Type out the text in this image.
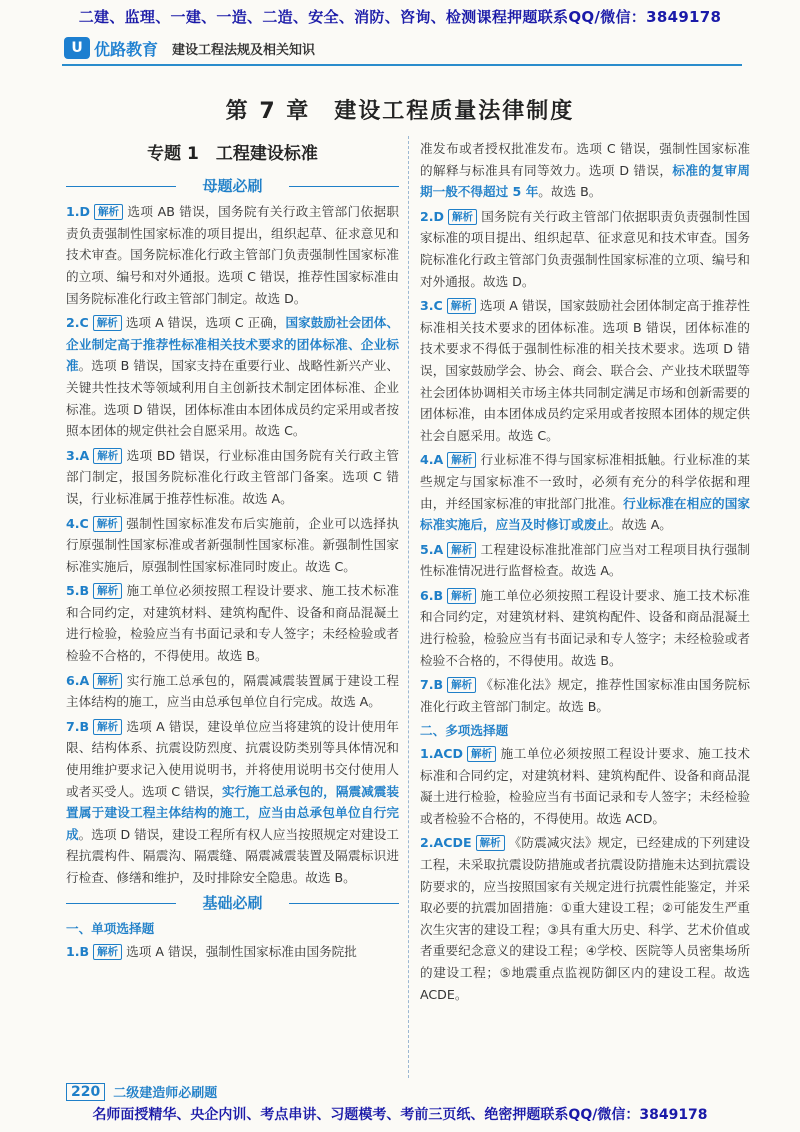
二建、监理、一建、一造、二造、安全、消防、咨询、检测课程押题联系QQ/微信：3849178
U 优路教育 建设工程法规及相关知识
第 7 章　建设工程质量法律制度
专题 1　工程建设标准
母题必刷

1.D 解析 选项 AB 错误，国务院有关行政主管部门依据职责负责强制性国家标准的项目提出，组织起草、征求意见和技术审查。国务院标准化行政主管部门负责强制性国家标准的立项、编号和对外通报。选项 C 错误，推荐性国家标准由国务院标准化行政主管部门制定。故选 D。

2.C 解析 选项 A 错误，选项 C 正确，国家鼓励社会团体、企业制定高于推荐性标准相关技术要求的团体标准、企业标准。选项 B 错误，国家支持在重要行业、战略性新兴产业、关键共性技术等领域利用自主创新技术制定团体标准、企业标准。选项 D 错误，团体标准由本团体成员约定采用或者按照本团体的规定供社会自愿采用。故选 C。

3.A 解析 选项 BD 错误，行业标准由国务院有关行政主管部门制定，报国务院标准化行政主管部门备案。选项 C 错误，行业标准属于推荐性标准。故选 A。

4.C 解析 强制性国家标准发布后实施前，企业可以选择执行原强制性国家标准或者新强制性国家标准。新强制性国家标准实施后，原强制性国家标准同时废止。故选 C。

5.B 解析 施工单位必须按照工程设计要求、施工技术标准和合同约定，对建筑材料、建筑构配件、设备和商品混凝土进行检验，检验应当有书面记录和专人签字；未经检验或者检验不合格的，不得使用。故选 B。

6.A 解析 实行施工总承包的，隔震减震装置属于建设工程主体结构的施工，应当由总承包单位自行完成。故选 A。

7.B 解析 选项 A 错误，建设单位应当将建筑的设计使用年限、结构体系、抗震设防烈度、抗震设防类别等具体情况和使用维护要求记入使用说明书，并将使用说明书交付使用人或者买受人。选项 C 错误，实行施工总承包的，隔震减震装置属于建设工程主体结构的施工，应当由总承包单位自行完成。选项 D 错误，建设工程所有权人应当按照规定对建设工程抗震构件、隔震沟、隔震缝、隔震减震装置及隔震标识进行检查、修缮和维护，及时排除安全隐患。故选 B。

基础必刷
一、单项选择题

1.B 解析 选项 A 错误，强制性国家标准由国务院批

准发布或者授权批准发布。选项 C 错误，强制性国家标准的解释与标准具有同等效力。选项 D 错误，标准的复审周期一般不得超过 5 年。故选 B。

2.D 解析 国务院有关行政主管部门依据职责负责强制性国家标准的项目提出、组织起草、征求意见和技术审查。国务院标准化行政主管部门负责强制性国家标准的立项、编号和对外通报。故选 D。

3.C 解析 选项 A 错误，国家鼓励社会团体制定高于推荐性标准相关技术要求的团体标准。选项 B 错误，团体标准的技术要求不得低于强制性标准的相关技术要求。选项 D 错误，国家鼓励学会、协会、商会、联合会、产业技术联盟等社会团体协调相关市场主体共同制定满足市场和创新需要的团体标准，由本团体成员约定采用或者按照本团体的规定供社会自愿采用。故选 C。

4.A 解析 行业标准不得与国家标准相抵触。行业标准的某些规定与国家标准不一致时，必须有充分的科学依据和理由，并经国家标准的审批部门批准。行业标准在相应的国家标准实施后，应当及时修订或废止。故选 A。

5.A 解析 工程建设标准批准部门应当对工程项目执行强制性标准情况进行监督检查。故选 A。

6.B 解析 施工单位必须按照工程设计要求、施工技术标准和合同约定，对建筑材料、建筑构配件、设备和商品混凝土进行检验，检验应当有书面记录和专人签字；未经检验或者检验不合格的，不得使用。故选 B。

7.B 解析 《标准化法》规定，推荐性国家标准由国务院标准化行政主管部门制定。故选 B。

二、多项选择题

1.ACD 解析 施工单位必须按照工程设计要求、施工技术标准和合同约定，对建筑材料、建筑构配件、设备和商品混凝土进行检验，检验应当有书面记录和专人签字；未经检验或者检验不合格的，不得使用。故选 ACD。

2.ACDE 解析 《防震减灾法》规定，已经建成的下列建设工程，未采取抗震设防措施或者抗震设防措施未达到抗震设防要求的，应当按照国家有关规定进行抗震性能鉴定，并采取必要的抗震加固措施：①重大建设工程；②可能发生严重次生灾害的建设工程；③具有重大历史、科学、艺术价值或者重要纪念意义的建设工程；④学校、医院等人员密集场所的建设工程；⑤地震重点监视防御区内的建设工程。故选 ACDE。

220	二级建造师必刷题
名师面授精华、央企内训、考点串讲、习题模考、考前三页纸、绝密押题联系QQ/微信：3849178
